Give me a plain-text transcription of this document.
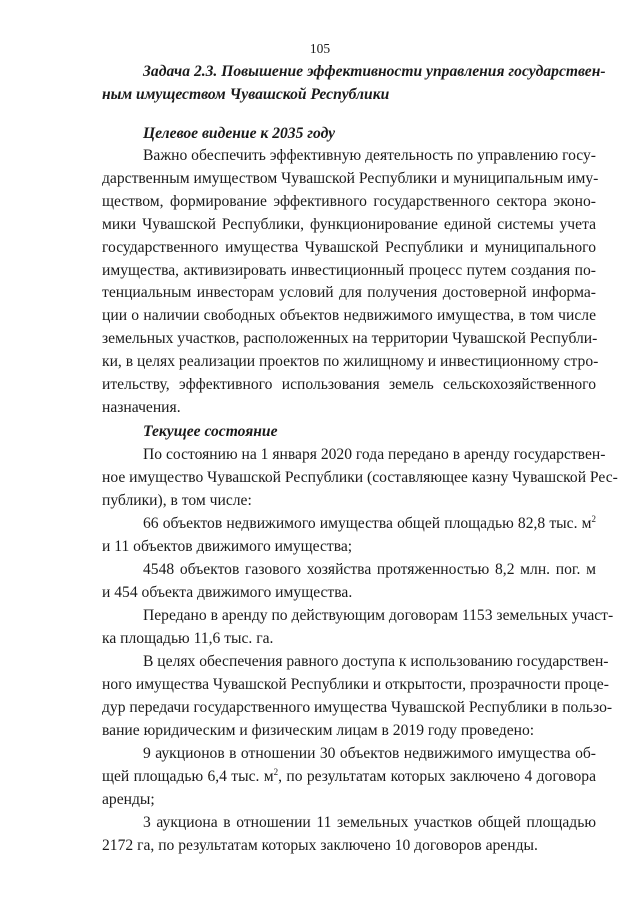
105
Задача 2.3. Повышение эффективности управления государствен-
ным имуществом Чувашской Республики
Целевое видение к 2035 году
Важно обеспечить эффективную деятельность по управлению госу-
дарственным имуществом Чувашской Республики и муниципальным иму-
ществом, формирование эффективного государственного сектора эконо-
мики Чувашской Республики, функционирование единой системы учета
государственного имущества Чувашской Республики и муниципального
имущества, активизировать инвестиционный процесс путем создания по-
тенциальным инвесторам условий для получения достоверной информа-
ции о наличии свободных объектов недвижимого имущества, в том числе
земельных участков, расположенных на территории Чувашской Республи-
ки, в целях реализации проектов по жилищному и инвестиционному стро-
ительству, эффективного использования земель сельскохозяйственного
назначения.
Текущее состояние
По состоянию на 1 января 2020 года передано в аренду государствен-
ное имущество Чувашской Республики (составляющее казну Чувашской Рес-
публики), в том числе:
66 объектов недвижимого имущества общей площадью 82,8 тыс. $м^2$
и 11 объектов движимого имущества;
4548 объектов газового хозяйства протяженностью 8,2 млн. пог. м
и 454 объекта движимого имущества.
Передано в аренду по действующим договорам 1153 земельных участ-
ка площадью 11,6 тыс. га.
В целях обеспечения равного доступа к использованию государствен-
ного имущества Чувашской Республики и открытости, прозрачности проце-
дур передачи государственного имущества Чувашской Республики в пользо-
вание юридическим и физическим лицам в 2019 году проведено:
9 аукционов в отношении 30 объектов недвижимого имущества об-
щей площадью 6,4 тыс. $м^2$, по результатам которых заключено 4 договора
аренды;
3 аукциона в отношении 11 земельных участков общей площадью
2172 га, по результатам которых заключено 10 договоров аренды.
